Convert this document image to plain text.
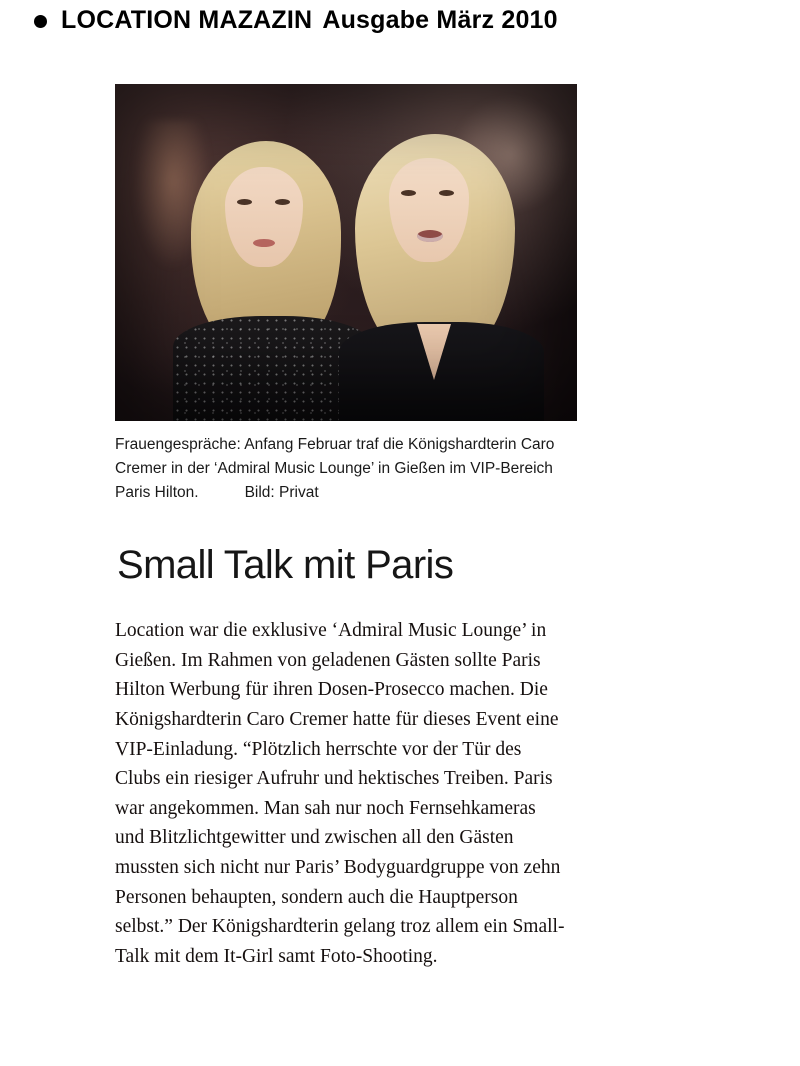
LOCATION MAZAZIN Ausgabe März 2010
Frauengespräche: Anfang Februar traf die Königshardterin Caro Cremer in der ‘Admiral Music Lounge’ in Gießen im VIP-Bereich Paris Hilton.	Bild: Privat
Small Talk mit Paris

Location war die exklusive ‘Admiral Music Lounge’ in Gießen. Im Rahmen von geladenen Gästen sollte Paris Hilton Werbung für ihren Dosen-Prosecco machen. Die Königshardterin Caro Cremer hatte für dieses Event eine VIP-Einladung. “Plötzlich herrschte vor der Tür des Clubs ein riesiger Aufruhr und hektisches Treiben. Paris war angekommen. Man sah nur noch Fernsehkameras und Blitzlichtgewitter und zwischen all den Gästen mussten sich nicht nur Paris’ Bodyguardgruppe von zehn Personen behaupten, sondern auch die Hauptperson selbst.” Der Königshardterin gelang troz allem ein Small-Talk mit dem It-Girl samt Foto-Shooting.
